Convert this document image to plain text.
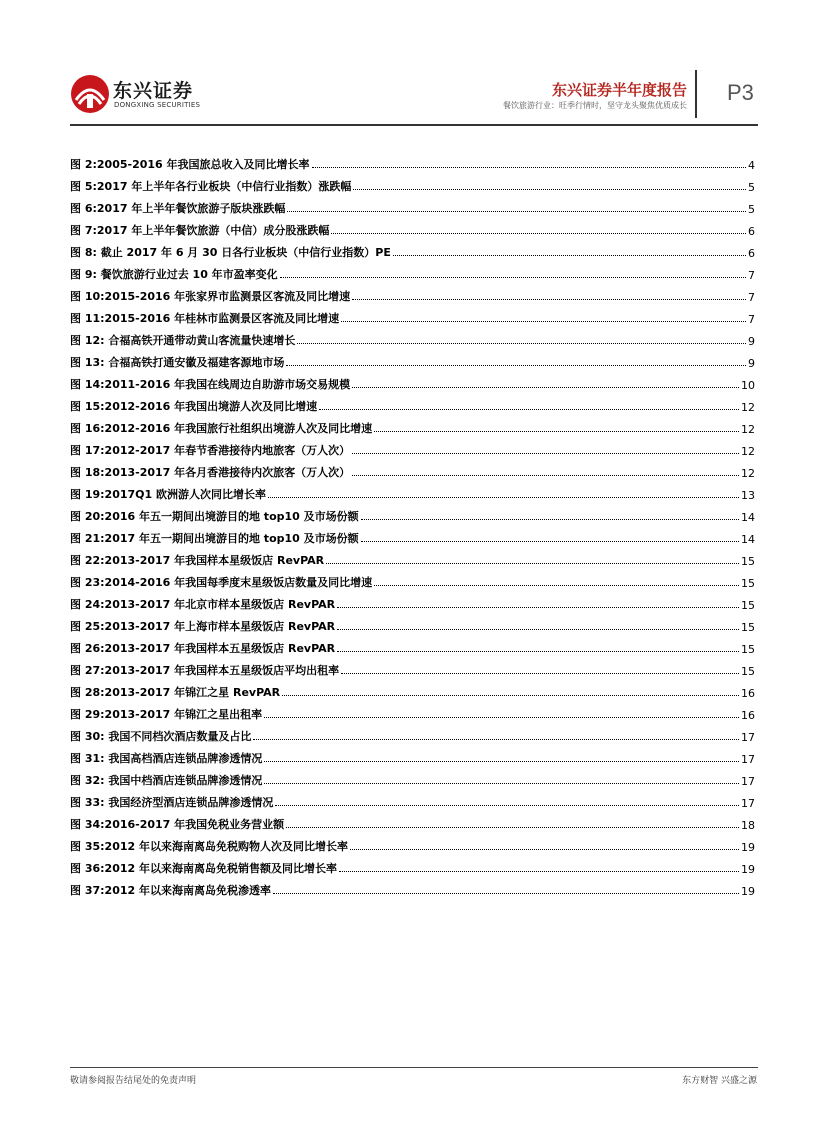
东兴证券
DONGXING SECURITIES
东兴证券半年度报告
餐饮旅游行业：旺季行情时，坚守龙头聚焦优质成长
P3
图 2:2005-2016 年我国旅总收入及同比增长率	4
图 5:2017 年上半年各行业板块（中信行业指数）涨跌幅	5
图 6:2017 年上半年餐饮旅游子版块涨跌幅	5
图 7:2017 年上半年餐饮旅游（中信）成分股涨跌幅	6
图 8: 截止 2017 年 6 月 30 日各行业板块（中信行业指数）PE	6
图 9: 餐饮旅游行业过去 10 年市盈率变化	7
图 10:2015-2016 年张家界市监测景区客流及同比增速	7
图 11:2015-2016 年桂林市监测景区客流及同比增速	7
图 12: 合福高铁开通带动黄山客流量快速增长	9
图 13: 合福高铁打通安徽及福建客源地市场	9
图 14:2011-2016 年我国在线周边自助游市场交易规模	10
图 15:2012-2016 年我国出境游人次及同比增速	12
图 16:2012-2016 年我国旅行社组织出境游人次及同比增速	12
图 17:2012-2017 年春节香港接待内地旅客（万人次）	12
图 18:2013-2017 年各月香港接待内次旅客（万人次）	12
图 19:2017Q1 欧洲游人次同比增长率	13
图 20:2016 年五一期间出境游目的地 top10 及市场份额	14
图 21:2017 年五一期间出境游目的地 top10 及市场份额	14
图 22:2013-2017 年我国样本星级饭店 RevPAR	15
图 23:2014-2016 年我国每季度末星级饭店数量及同比增速	15
图 24:2013-2017 年北京市样本星级饭店 RevPAR	15
图 25:2013-2017 年上海市样本星级饭店 RevPAR	15
图 26:2013-2017 年我国样本五星级饭店 RevPAR	15
图 27:2013-2017 年我国样本五星级饭店平均出租率	15
图 28:2013-2017 年锦江之星 RevPAR	16
图 29:2013-2017 年锦江之星出租率	16
图 30: 我国不同档次酒店数量及占比	17
图 31: 我国高档酒店连锁品牌渗透情况	17
图 32: 我国中档酒店连锁品牌渗透情况	17
图 33: 我国经济型酒店连锁品牌渗透情况	17
图 34:2016-2017 年我国免税业务营业额	18
图 35:2012 年以来海南离岛免税购物人次及同比增长率	19
图 36:2012 年以来海南离岛免税销售额及同比增长率	19
图 37:2012 年以来海南离岛免税渗透率	19
敬请参阅报告结尾处的免责声明	东方财智 兴盛之源
